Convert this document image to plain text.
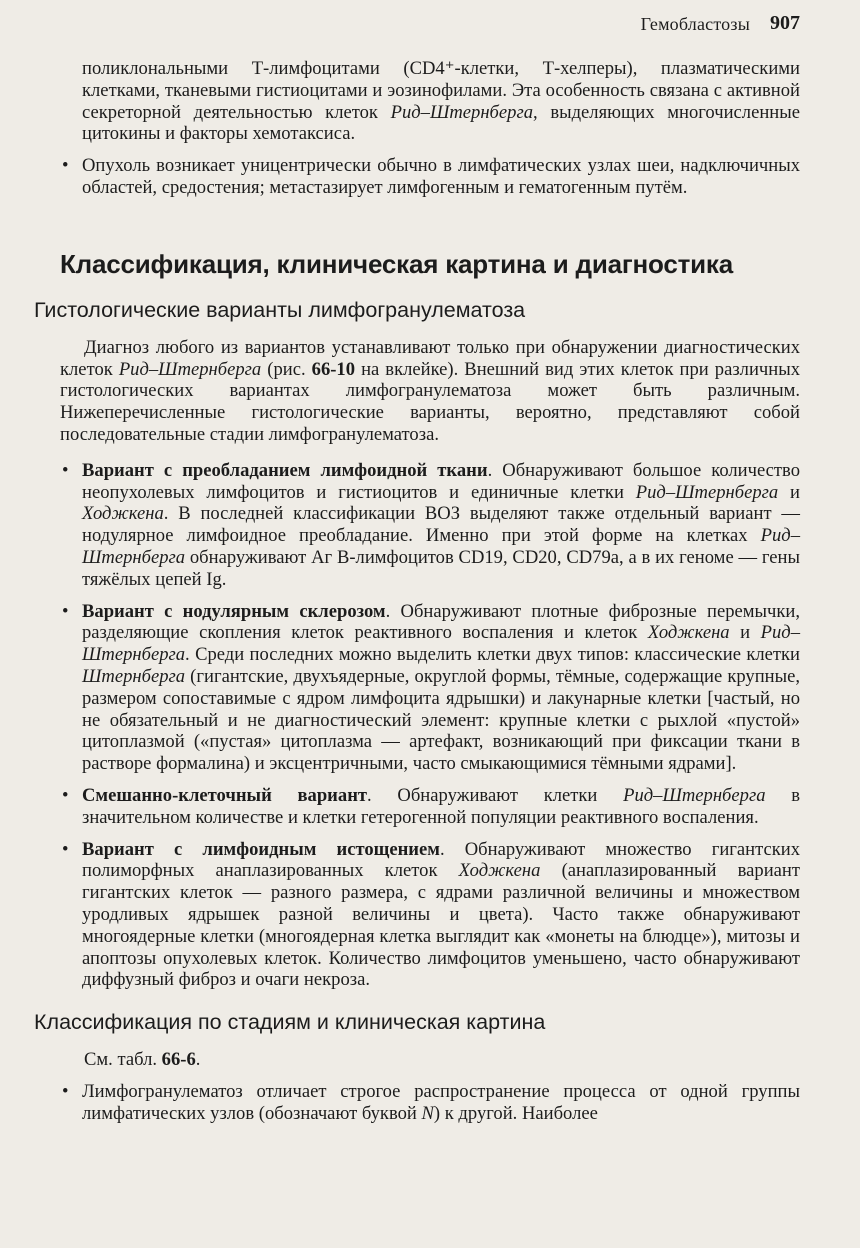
Гемобластозы 907

поликлональными Т-лимфоцитами (CD4⁺-клетки, Т-хелперы), плазматическими клетками, тканевыми гистиоцитами и эозинофилами. Эта особенность связана с активной секреторной деятельностью клеток Рид–Штернберга, выделяющих многочисленные цитокины и факторы хемотаксиса.

• Опухоль возникает уницентрически обычно в лимфатических узлах шеи, надключичных областей, средостения; метастазирует лимфогенным и гематогенным путём.
Классификация, клиническая картина и диагностика
Гистологические варианты лимфогранулематоза

Диагноз любого из вариантов устанавливают только при обнаружении диагностических клеток Рид–Штернберга (рис. 66-10 на вклейке). Внешний вид этих клеток при различных гистологических вариантах лимфогранулематоза может быть различным. Нижеперечисленные гистологические варианты, вероятно, представляют собой последовательные стадии лимфогранулематоза.

• Вариант с преобладанием лимфоидной ткани. Обнаруживают большое количество неопухолевых лимфоцитов и гистиоцитов и единичные клетки Рид–Штернберга и Ходжкена. В последней классификации ВОЗ выделяют также отдельный вариант — нодулярное лимфоидное преобладание. Именно при этой форме на клетках Рид–Штернберга обнаруживают Аг В-лимфоцитов CD19, CD20, CD79a, а в их геноме — гены тяжёлых цепей Ig.
• Вариант с нодулярным склерозом. Обнаруживают плотные фиброзные перемычки, разделяющие скопления клеток реактивного воспаления и клеток Ходжкена и Рид–Штернберга. Среди последних можно выделить клетки двух типов: классические клетки Штернберга (гигантские, двухъядерные, округлой формы, тёмные, содержащие крупные, размером сопоставимые с ядром лимфоцита ядрышки) и лакунарные клетки [частый, но не обязательный и не диагностический элемент: крупные клетки с рыхлой «пустой» цитоплазмой («пустая» цитоплазма — артефакт, возникающий при фиксации ткани в растворе формалина) и эксцентричными, часто смыкающимися тёмными ядрами].
• Смешанно-клеточный вариант. Обнаруживают клетки Рид–Штернберга в значительном количестве и клетки гетерогенной популяции реактивного воспаления.
• Вариант с лимфоидным истощением. Обнаруживают множество гигантских полиморфных анаплазированных клеток Ходжкена (анаплазированный вариант гигантских клеток — разного размера, с ядрами различной величины и множеством уродливых ядрышек разной величины и цвета). Часто также обнаруживают многоядерные клетки (многоядерная клетка выглядит как «монеты на блюдце»), митозы и апоптозы опухолевых клеток. Количество лимфоцитов уменьшено, часто обнаруживают диффузный фиброз и очаги некроза.
Классификация по стадиям и клиническая картина

См. табл. 66-6.

• Лимфогранулематоз отличает строгое распространение процесса от одной группы лимфатических узлов (обозначают буквой N) к другой. Наиболее
